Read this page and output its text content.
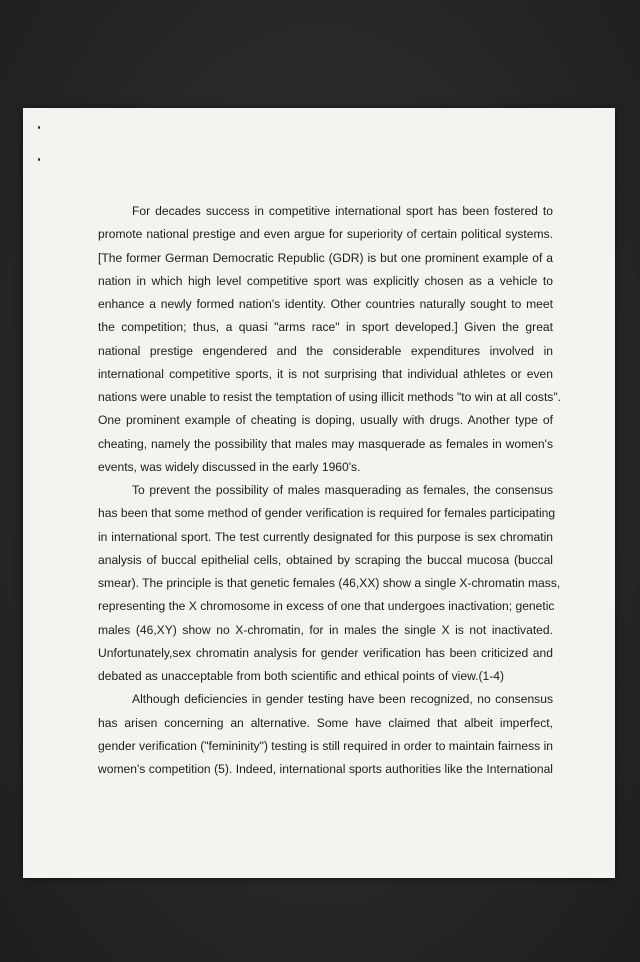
For decades success in competitive international sport has been fostered to
promote national prestige and even argue for superiority of certain political systems.
[The former German Democratic Republic (GDR) is but one prominent example of a
nation in which high level competitive sport was explicitly chosen as a vehicle to
enhance a newly formed nation's identity. Other countries naturally sought to meet
the competition; thus, a quasi "arms race" in sport developed.] Given the great
national prestige engendered and the considerable expenditures involved in
international competitive sports, it is not surprising that individual athletes or even
nations were unable to resist the temptation of using illicit methods "to win at all costs".
One prominent example of cheating is doping, usually with drugs. Another type of
cheating, namely the possibility that males may masquerade as females in women's
events, was widely discussed in the early 1960's.
To prevent the possibility of males masquerading as females, the consensus
has been that some method of gender verification is required for females participating
in international sport. The test currently designated for this purpose is sex chromatin
analysis of buccal epithelial cells, obtained by scraping the buccal mucosa (buccal
smear). The principle is that genetic females (46,XX) show a single X-chromatin mass,
representing the X chromosome in excess of one that undergoes inactivation; genetic
males (46,XY) show no X-chromatin, for in males the single X is not inactivated.
Unfortunately,sex chromatin analysis for gender verification has been criticized and
debated as unacceptable from both scientific and ethical points of view.(1-4)
Although deficiencies in gender testing have been recognized, no consensus
has arisen concerning an alternative. Some have claimed that albeit imperfect,
gender verification ("femininity") testing is still required in order to maintain fairness in
women's competition (5). Indeed, international sports authorities like the International
